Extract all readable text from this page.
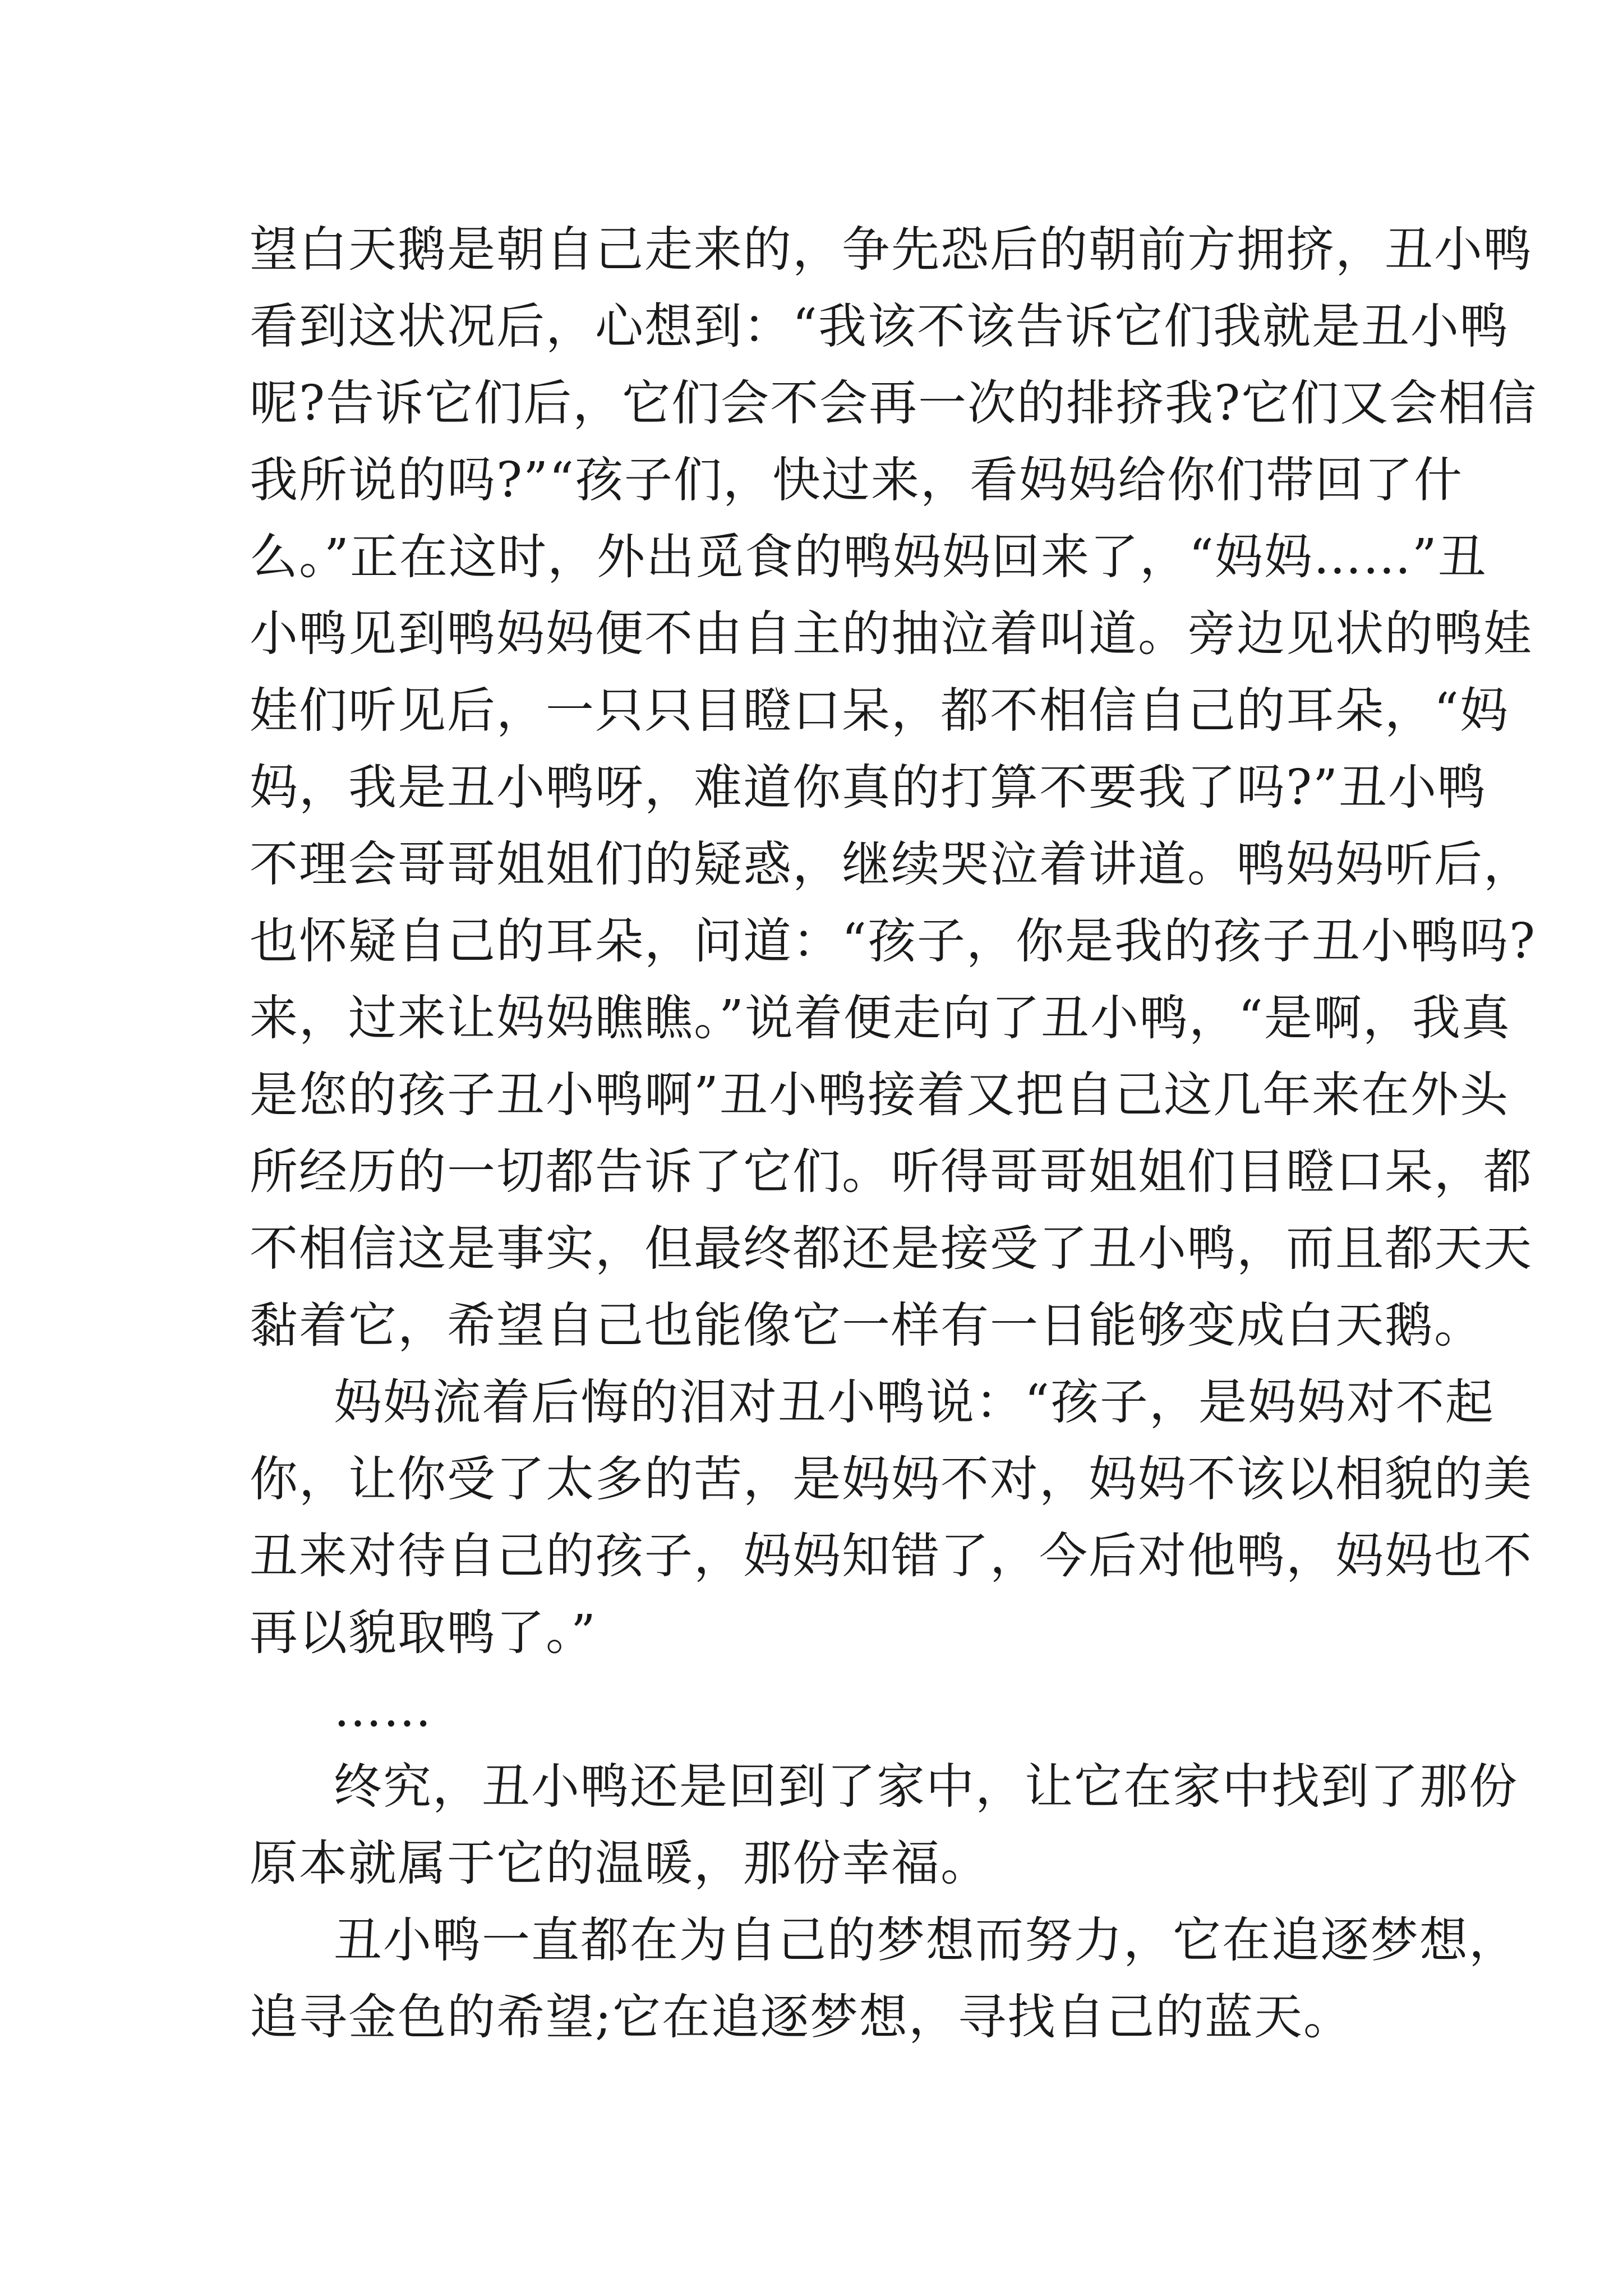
望白天鹅是朝自己走来的，争先恐后的朝前方拥挤，丑小鸭
看到这状况后，心想到：“我该不该告诉它们我就是丑小鸭
呢?告诉它们后，它们会不会再一次的排挤我?它们又会相信
我所说的吗?”“孩子们，快过来，看妈妈给你们带回了什
么。”正在这时，外出觅食的鸭妈妈回来了，“妈妈……”丑
小鸭见到鸭妈妈便不由自主的抽泣着叫道。旁边见状的鸭娃
娃们听见后，一只只目瞪口呆，都不相信自己的耳朵，“妈
妈，我是丑小鸭呀，难道你真的打算不要我了吗?”丑小鸭
不理会哥哥姐姐们的疑惑，继续哭泣着讲道。鸭妈妈听后，
也怀疑自己的耳朵，问道：“孩子，你是我的孩子丑小鸭吗?
来，过来让妈妈瞧瞧。”说着便走向了丑小鸭，“是啊，我真
是您的孩子丑小鸭啊”丑小鸭接着又把自己这几年来在外头
所经历的一切都告诉了它们。听得哥哥姐姐们目瞪口呆，都
不相信这是事实，但最终都还是接受了丑小鸭，而且都天天
黏着它，希望自己也能像它一样有一日能够变成白天鹅。
妈妈流着后悔的泪对丑小鸭说：“孩子，是妈妈对不起
你，让你受了太多的苦，是妈妈不对，妈妈不该以相貌的美
丑来对待自己的孩子，妈妈知错了，今后对他鸭，妈妈也不
再以貌取鸭了。”
……
终究，丑小鸭还是回到了家中，让它在家中找到了那份
原本就属于它的温暖，那份幸福。
丑小鸭一直都在为自己的梦想而努力，它在追逐梦想，
追寻金色的希望;它在追逐梦想，寻找自己的蓝天。
